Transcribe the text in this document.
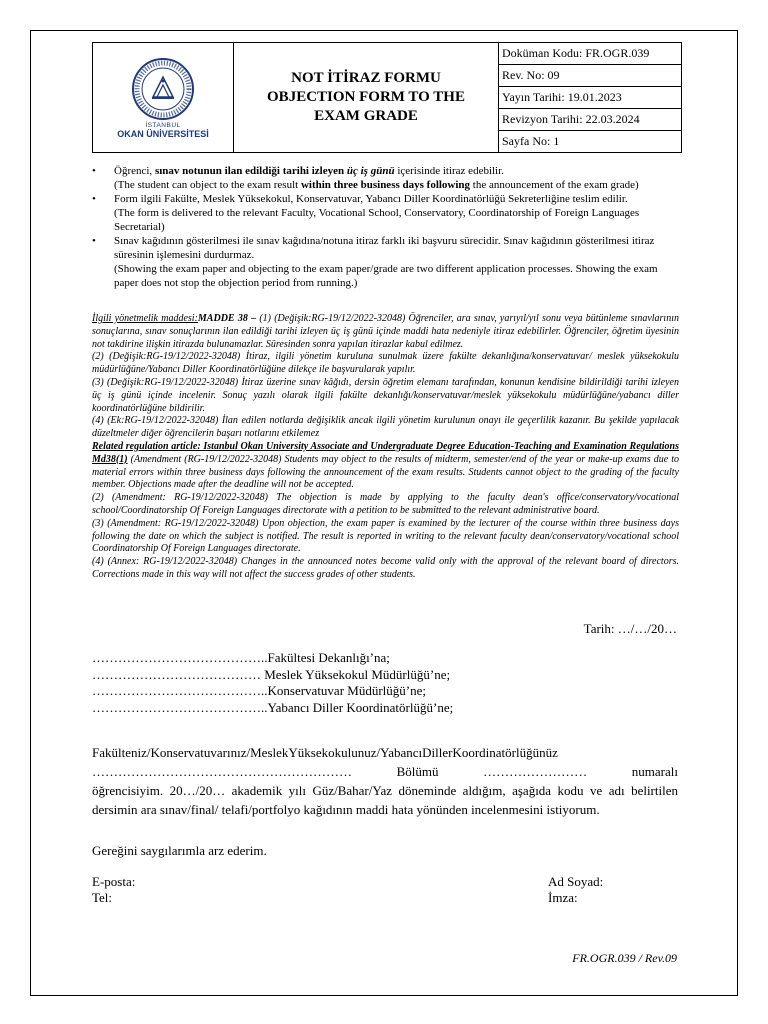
İSTANBUL
OKAN ÜNİVERSİTESİ

NOT İTİRAZ FORMU
OBJECTION FORM TO THE
EXAM GRADE
	Doküman Kodu: FR.OGR.039
Rev. No: 09
Yayın Tarihi: 19.01.2023
Revizyon Tarihi: 22.03.2024
Sayfa No: 1
• Öğrenci, sınav notunun ilan edildiği tarihi izleyen üç iş günü içerisinde itiraz edebilir.
(The student can object to the exam result within three business days following the announcement of the exam grade)
• Form ilgili Fakülte, Meslek Yüksekokul, Konservatuvar, Yabancı Diller Koordinatörlüğü Sekreterliğine teslim edilir.
(The form is delivered to the relevant Faculty, Vocational School, Conservatory, Coordinatorship of Foreign Languages Secretarial)
• Sınav kağıdının gösterilmesi ile sınav kağıdına/notuna itiraz farklı iki başvuru sürecidir. Sınav kağıdının gösterilmesi itiraz süresinin işlemesini durdurmaz.
(Showing the exam paper and objecting to the exam paper/grade are two different application processes. Showing the exam paper does not stop the objection period from running.)

İlgili yönetmelik maddesi:MADDE 38 – (1) (Değişik:RG-19/12/2022-32048) Öğrenciler, ara sınav, yarıyıl/yıl sonu veya bütünleme sınavlarının sonuçlarına, sınav sonuçlarının ilan edildiği tarihi izleyen üç iş günü içinde maddi hata nedeniyle itiraz edebilirler. Öğrenciler, öğretim üyesinin not takdirine ilişkin itirazda bulunamazlar. Süresinden sonra yapılan itirazlar kabul edilmez.

(2) (Değişik:RG-19/12/2022-32048) İtiraz, ilgili yönetim kuruluna sunulmak üzere fakülte dekanlığına/konservatuvar/ meslek yüksekokulu müdürlüğüne/Yabancı Diller Koordinatörlüğüne dilekçe ile başvurularak yapılır.

(3) (Değişik:RG-19/12/2022-32048) İtiraz üzerine sınav kâğıdı, dersin öğretim elemanı tarafından, konunun kendisine bildirildiği tarihi izleyen üç iş günü içinde incelenir. Sonuç yazılı olarak ilgili fakülte dekanlığı/konservatuvar/meslek yüksekokulu müdürlüğüne/yabancı diller koordinatörlüğüne bildirilir.

(4) (Ek:RG-19/12/2022-32048) İlan edilen notlarda değişiklik ancak ilgili yönetim kurulunun onayı ile geçerlilik kazanır. Bu şekilde yapılacak düzeltmeler diğer öğrencilerin başarı notlarını etkilemez

Related regulation article: Istanbul Okan University Associate and Undergraduate Degree Education-Teaching and Examination Regulations Md38(1) (Amendment (RG-19/12/2022-32048) Students may object to the results of midterm, semester/end of the year or make-up exams due to material errors within three business days following the announcement of the exam results. Students cannot object to the grading of the faculty member. Objections made after the deadline will not be accepted.

(2) (Amendment: RG-19/12/2022-32048) The objection is made by applying to the faculty dean's office/conservatory/vocational school/Coordinatorship Of Foreign Languages directorate with a petition to be submitted to the relevant administrative board.

(3) (Amendment: RG-19/12/2022-32048) Upon objection, the exam paper is examined by the lecturer of the course within three business days following the date on which the subject is notified. The result is reported in writing to the relevant faculty dean/conservatory/vocational school Coordinatorship Of Foreign Languages directorate.

(4) (Annex: RG-19/12/2022-32048) Changes in the announced notes become valid only with the approval of the relevant board of directors. Corrections made in this way will not affect the success grades of other students.

Tarih: …/…/20…
…………………………………..Fakültesi Dekanlığı’na;
………………………………… Meslek Yüksekokul Müdürlüğü’ne;
…………………………………..Konservatuvar Müdürlüğü’ne;
…………………………………..Yabancı Diller Koordinatörlüğü’ne;
Fakülteniz/Konservatuvarınız/MeslekYüksekokulunuz/YabancıDillerKoordinatörlüğünüz
……………………………………………………	Bölümü	……………………	numaralı
öğrencisiyim. 20…/20… akademik yılı Güz/Bahar/Yaz döneminde aldığım, aşağıda kodu ve adı belirtilen dersimin ara sınav/final/ telafi/portfolyo kağıdının maddi hata yönünden incelenmesini istiyorum.
Gereğini saygılarımla arz ederim.
E-posta:
Tel:
Ad Soyad:
İmza:
FR.OGR.039 / Rev.09
